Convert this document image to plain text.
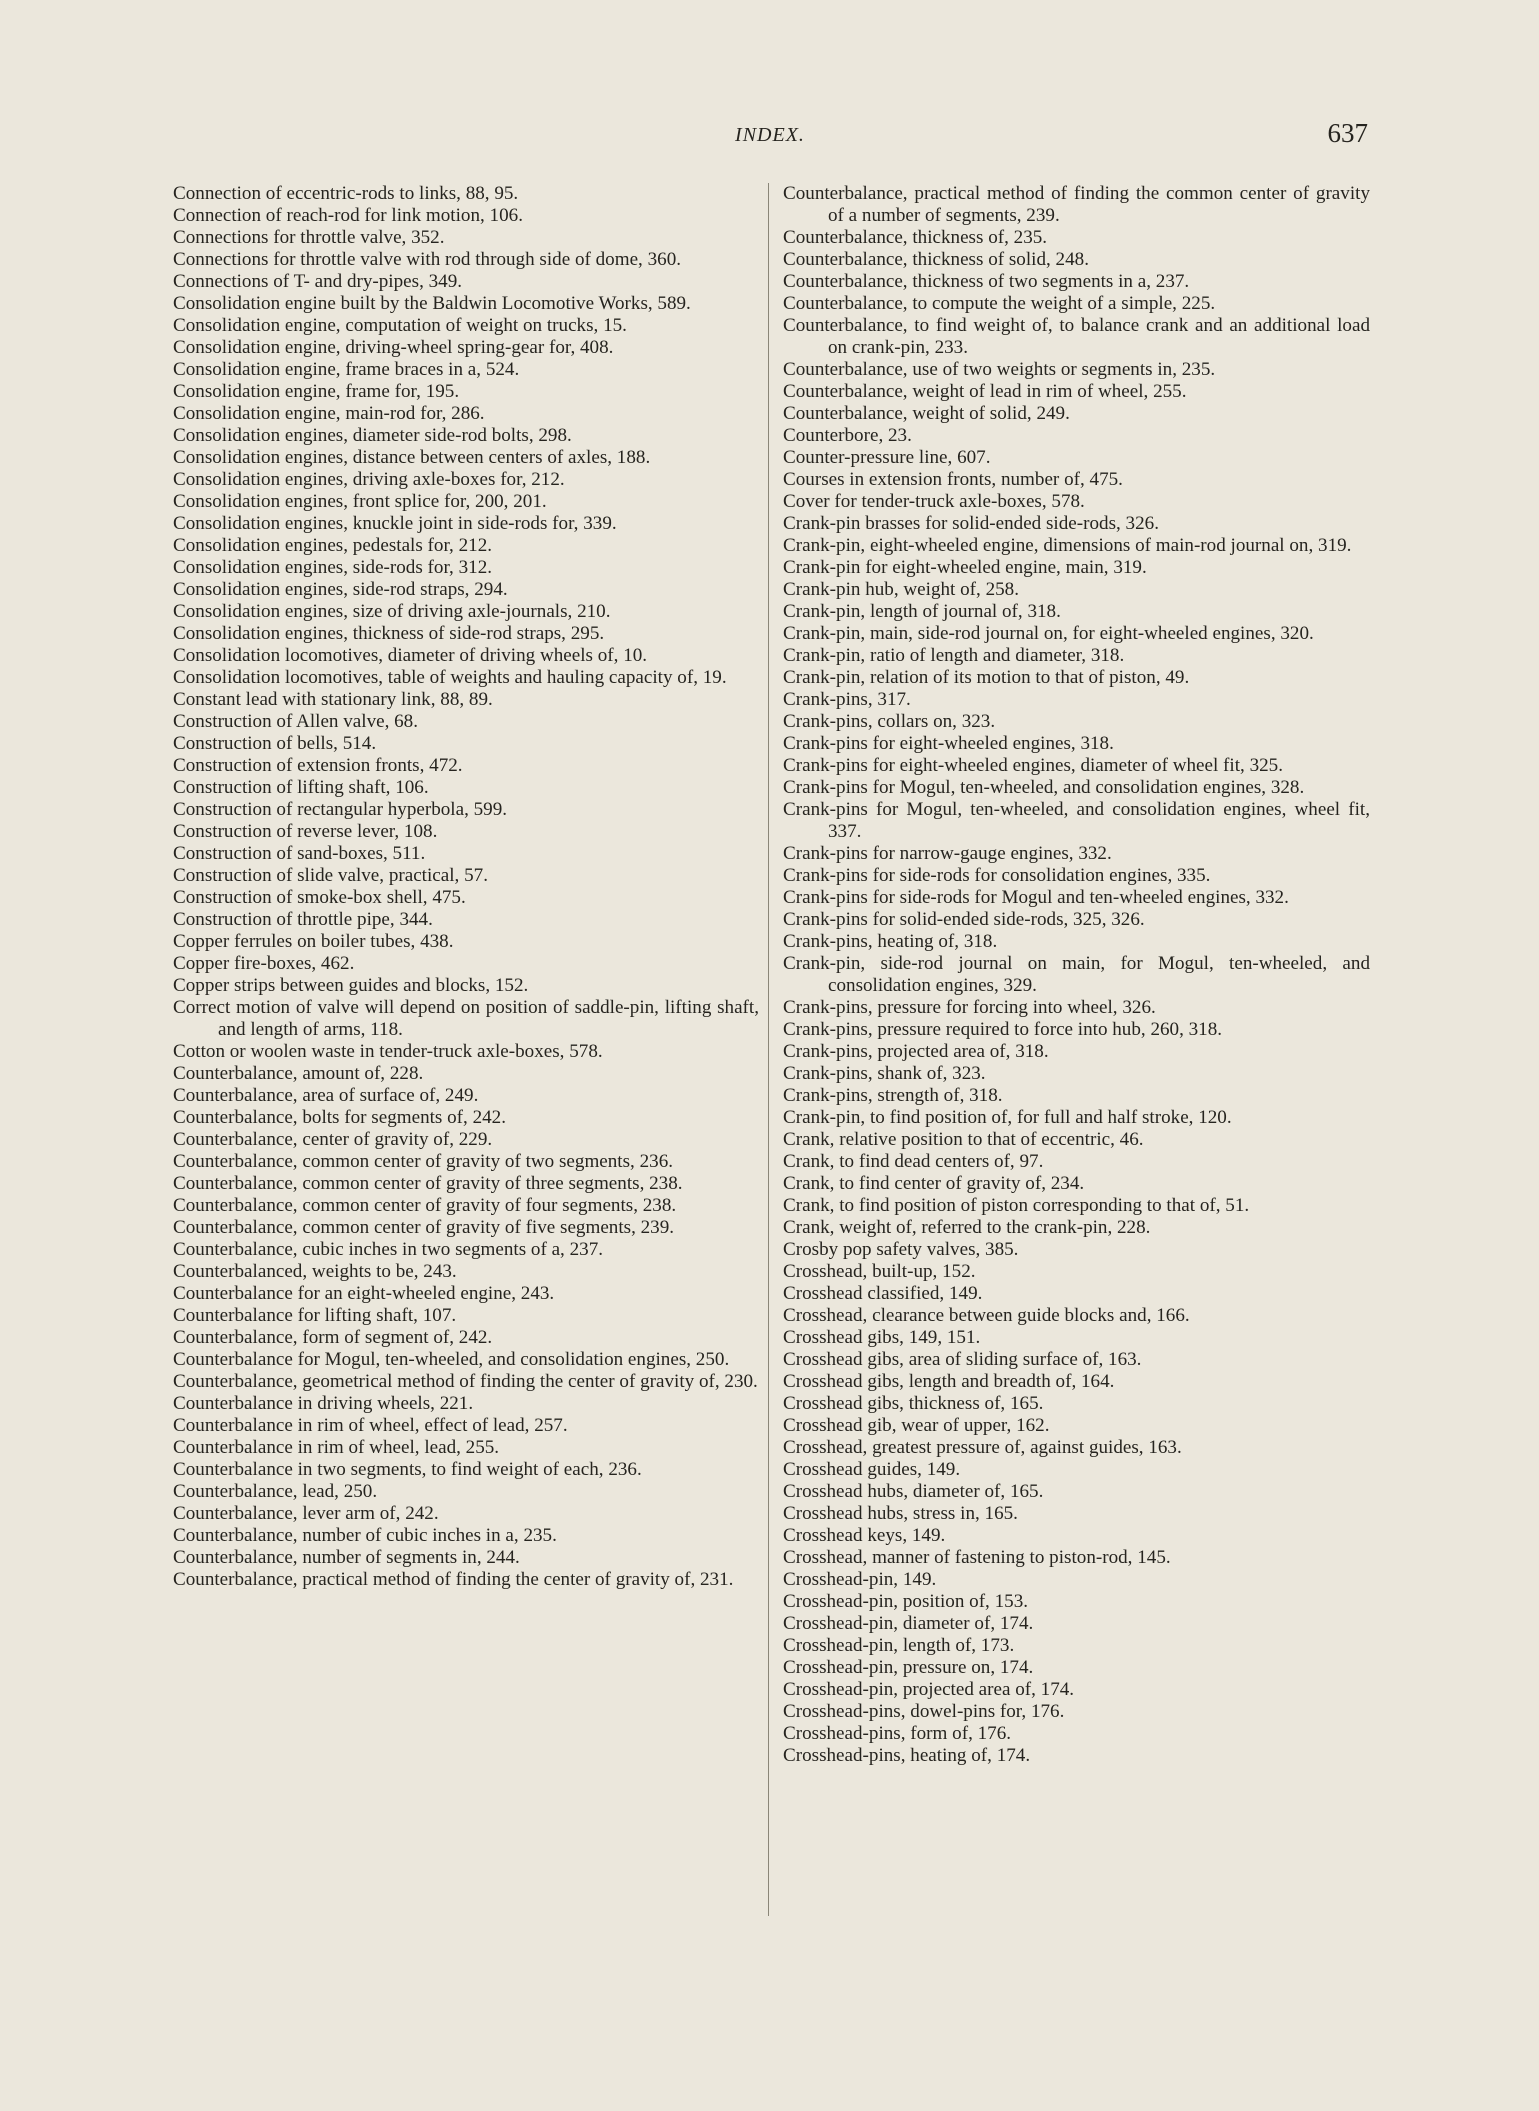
INDEX.	637
Connection of eccentric-rods to links, 88, 95.
Connection of reach-rod for link motion, 106.
Connections for throttle valve, 352.
Connections for throttle valve with rod through side of dome, 360.
Connections of T- and dry-pipes, 349.
Consolidation engine built by the Baldwin Locomotive Works, 589.
Consolidation engine, computation of weight on trucks, 15.
Consolidation engine, driving-wheel spring-gear for, 408.
Consolidation engine, frame braces in a, 524.
Consolidation engine, frame for, 195.
Consolidation engine, main-rod for, 286.
Consolidation engines, diameter side-rod bolts, 298.
Consolidation engines, distance between centers of axles, 188.
Consolidation engines, driving axle-boxes for, 212.
Consolidation engines, front splice for, 200, 201.
Consolidation engines, knuckle joint in side-rods for, 339.
Consolidation engines, pedestals for, 212.
Consolidation engines, side-rods for, 312.
Consolidation engines, side-rod straps, 294.
Consolidation engines, size of driving axle-journals, 210.
Consolidation engines, thickness of side-rod straps, 295.
Consolidation locomotives, diameter of driving wheels of, 10.
Consolidation locomotives, table of weights and hauling capacity of, 19.
Constant lead with stationary link, 88, 89.
Construction of Allen valve, 68.
Construction of bells, 514.
Construction of extension fronts, 472.
Construction of lifting shaft, 106.
Construction of rectangular hyperbola, 599.
Construction of reverse lever, 108.
Construction of sand-boxes, 511.
Construction of slide valve, practical, 57.
Construction of smoke-box shell, 475.
Construction of throttle pipe, 344.
Copper ferrules on boiler tubes, 438.
Copper fire-boxes, 462.
Copper strips between guides and blocks, 152.
Correct motion of valve will depend on position of saddle-pin, lifting shaft, and length of arms, 118.
Cotton or woolen waste in tender-truck axle-boxes, 578.
Counterbalance, amount of, 228.
Counterbalance, area of surface of, 249.
Counterbalance, bolts for segments of, 242.
Counterbalance, center of gravity of, 229.
Counterbalance, common center of gravity of two segments, 236.
Counterbalance, common center of gravity of three segments, 238.
Counterbalance, common center of gravity of four segments, 238.
Counterbalance, common center of gravity of five segments, 239.
Counterbalance, cubic inches in two segments of a, 237.
Counterbalanced, weights to be, 243.
Counterbalance for an eight-wheeled engine, 243.
Counterbalance for lifting shaft, 107.
Counterbalance, form of segment of, 242.
Counterbalance for Mogul, ten-wheeled, and consolidation engines, 250.
Counterbalance, geometrical method of finding the center of gravity of, 230.
Counterbalance in driving wheels, 221.
Counterbalance in rim of wheel, effect of lead, 257.
Counterbalance in rim of wheel, lead, 255.
Counterbalance in two segments, to find weight of each, 236.
Counterbalance, lead, 250.
Counterbalance, lever arm of, 242.
Counterbalance, number of cubic inches in a, 235.
Counterbalance, number of segments in, 244.
Counterbalance, practical method of finding the center of gravity of, 231.
Counterbalance, practical method of finding the common center of gravity of a number of segments, 239.
Counterbalance, thickness of, 235.
Counterbalance, thickness of solid, 248.
Counterbalance, thickness of two segments in a, 237.
Counterbalance, to compute the weight of a simple, 225.
Counterbalance, to find weight of, to balance crank and an additional load on crank-pin, 233.
Counterbalance, use of two weights or segments in, 235.
Counterbalance, weight of lead in rim of wheel, 255.
Counterbalance, weight of solid, 249.
Counterbore, 23.
Counter-pressure line, 607.
Courses in extension fronts, number of, 475.
Cover for tender-truck axle-boxes, 578.
Crank-pin brasses for solid-ended side-rods, 326.
Crank-pin, eight-wheeled engine, dimensions of main-rod journal on, 319.
Crank-pin for eight-wheeled engine, main, 319.
Crank-pin hub, weight of, 258.
Crank-pin, length of journal of, 318.
Crank-pin, main, side-rod journal on, for eight-wheeled engines, 320.
Crank-pin, ratio of length and diameter, 318.
Crank-pin, relation of its motion to that of piston, 49.
Crank-pins, 317.
Crank-pins, collars on, 323.
Crank-pins for eight-wheeled engines, 318.
Crank-pins for eight-wheeled engines, diameter of wheel fit, 325.
Crank-pins for Mogul, ten-wheeled, and consolidation engines, 328.
Crank-pins for Mogul, ten-wheeled, and consolidation engines, wheel fit, 337.
Crank-pins for narrow-gauge engines, 332.
Crank-pins for side-rods for consolidation engines, 335.
Crank-pins for side-rods for Mogul and ten-wheeled engines, 332.
Crank-pins for solid-ended side-rods, 325, 326.
Crank-pins, heating of, 318.
Crank-pin, side-rod journal on main, for Mogul, ten-wheeled, and consolidation engines, 329.
Crank-pins, pressure for forcing into wheel, 326.
Crank-pins, pressure required to force into hub, 260, 318.
Crank-pins, projected area of, 318.
Crank-pins, shank of, 323.
Crank-pins, strength of, 318.
Crank-pin, to find position of, for full and half stroke, 120.
Crank, relative position to that of eccentric, 46.
Crank, to find dead centers of, 97.
Crank, to find center of gravity of, 234.
Crank, to find position of piston corresponding to that of, 51.
Crank, weight of, referred to the crank-pin, 228.
Crosby pop safety valves, 385.
Crosshead, built-up, 152.
Crosshead classified, 149.
Crosshead, clearance between guide blocks and, 166.
Crosshead gibs, 149, 151.
Crosshead gibs, area of sliding surface of, 163.
Crosshead gibs, length and breadth of, 164.
Crosshead gibs, thickness of, 165.
Crosshead gib, wear of upper, 162.
Crosshead, greatest pressure of, against guides, 163.
Crosshead guides, 149.
Crosshead hubs, diameter of, 165.
Crosshead hubs, stress in, 165.
Crosshead keys, 149.
Crosshead, manner of fastening to piston-rod, 145.
Crosshead-pin, 149.
Crosshead-pin, position of, 153.
Crosshead-pin, diameter of, 174.
Crosshead-pin, length of, 173.
Crosshead-pin, pressure on, 174.
Crosshead-pin, projected area of, 174.
Crosshead-pins, dowel-pins for, 176.
Crosshead-pins, form of, 176.
Crosshead-pins, heating of, 174.
